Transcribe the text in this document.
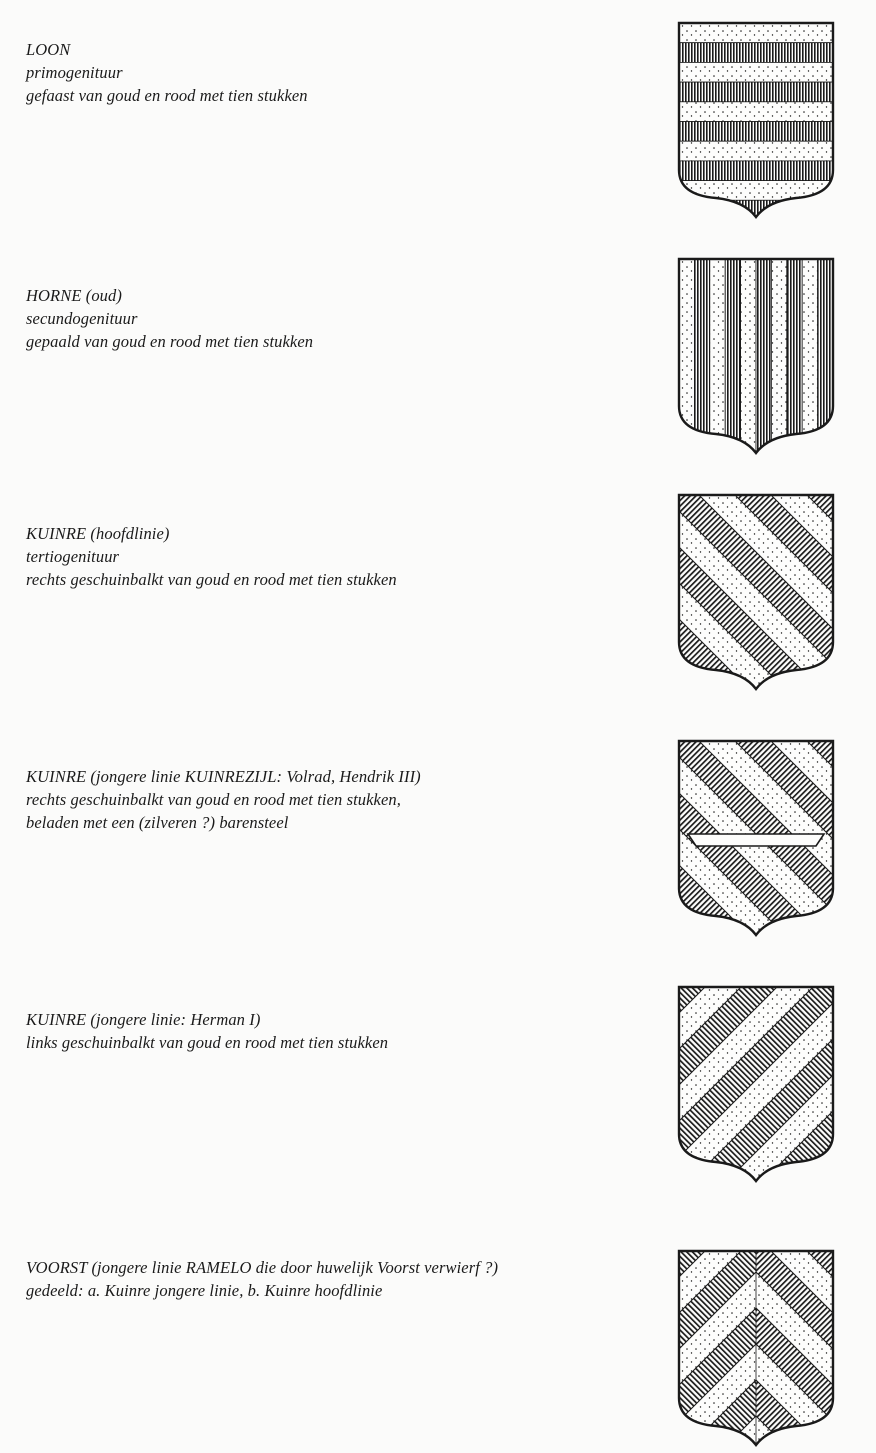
LOON
primogenituur
gefaast van goud en rood met tien stukken
HORNE (oud)
secundogenituur
gepaald van goud en rood met tien stukken
KUINRE (hoofdlinie)
tertiogenituur
rechts geschuinbalkt van goud en rood met tien stukken
KUINRE (jongere linie KUINREZIJL: Volrad, Hendrik III)
rechts geschuinbalkt van goud en rood met tien stukken,
beladen met een (zilveren ?) barensteel
KUINRE (jongere linie: Herman I)
links geschuinbalkt van goud en rood met tien stukken
VOORST (jongere linie RAMELO die door huwelijk Voorst verwierf ?)
gedeeld: a. Kuinre jongere linie, b. Kuinre hoofdlinie
